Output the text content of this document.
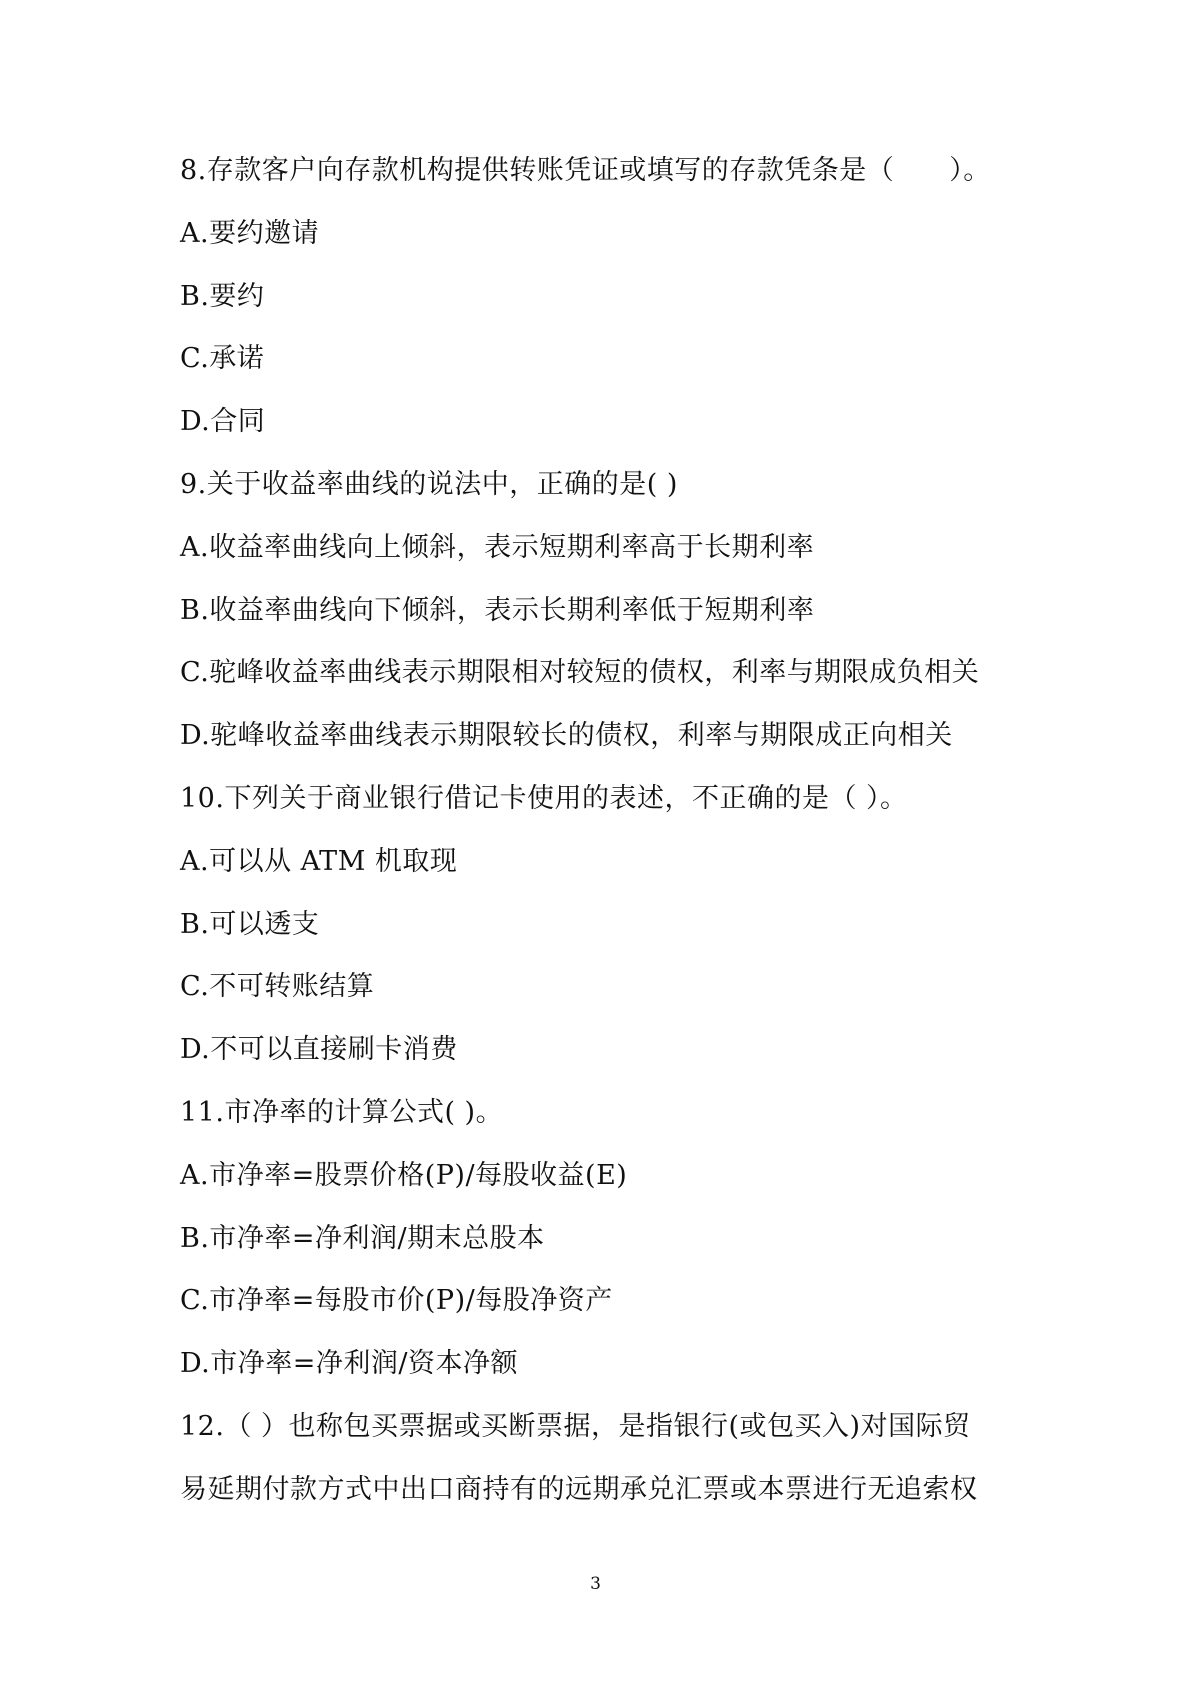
8.存款客户向存款机构提供转账凭证或填写的存款凭条是（　　）。
A.要约邀请
B.要约
C.承诺
D.合同
9.关于收益率曲线的说法中，正确的是( )
A.收益率曲线向上倾斜，表示短期利率高于长期利率
B.收益率曲线向下倾斜，表示长期利率低于短期利率
C.驼峰收益率曲线表示期限相对较短的债权，利率与期限成负相关
D.驼峰收益率曲线表示期限较长的债权，利率与期限成正向相关
10.下列关于商业银行借记卡使用的表述，不正确的是（ ）。
A.可以从 ATM 机取现
B.可以透支
C.不可转账结算
D.不可以直接刷卡消费
11.市净率的计算公式( )。
A.市净率=股票价格(P)/每股收益(E)
B.市净率=净利润/期末总股本
C.市净率=每股市价(P)/每股净资产
D.市净率=净利润/资本净额
12.（ ）也称包买票据或买断票据，是指银行(或包买入)对国际贸
易延期付款方式中出口商持有的远期承兑汇票或本票进行无追索权
3
